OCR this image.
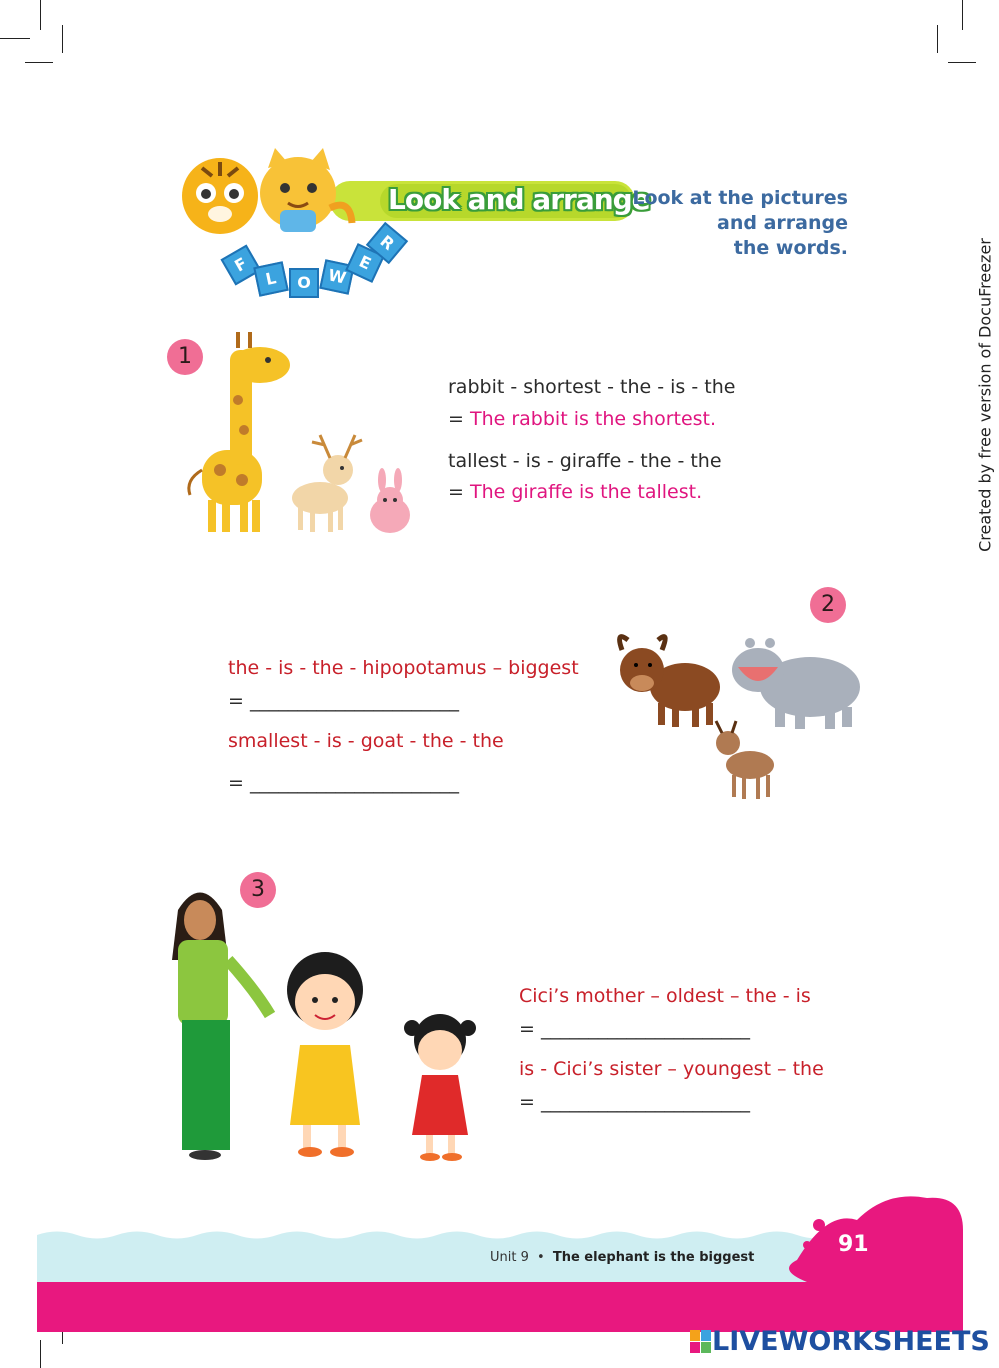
F
L	O W
E
R
Look and arrange
Look at the pictures
and arrange
the words.
1
rabbit - shortest - the - is - the
= The rabbit is the shortest.
tallest - is - giraffe - the - the
= The giraffe is the tallest.
2
the - is - the - hipopotamus – biggest
= ______________________
smallest - is - goat - the - the
= ______________________
3
Cici’s mother – oldest – the - is
= ______________________
is - Cici’s sister – youngest – the
= ______________________
Unit 9 • The elephant is the biggest
91
Created by free version of DocuFreezer
LIVEWORKSHEETS
